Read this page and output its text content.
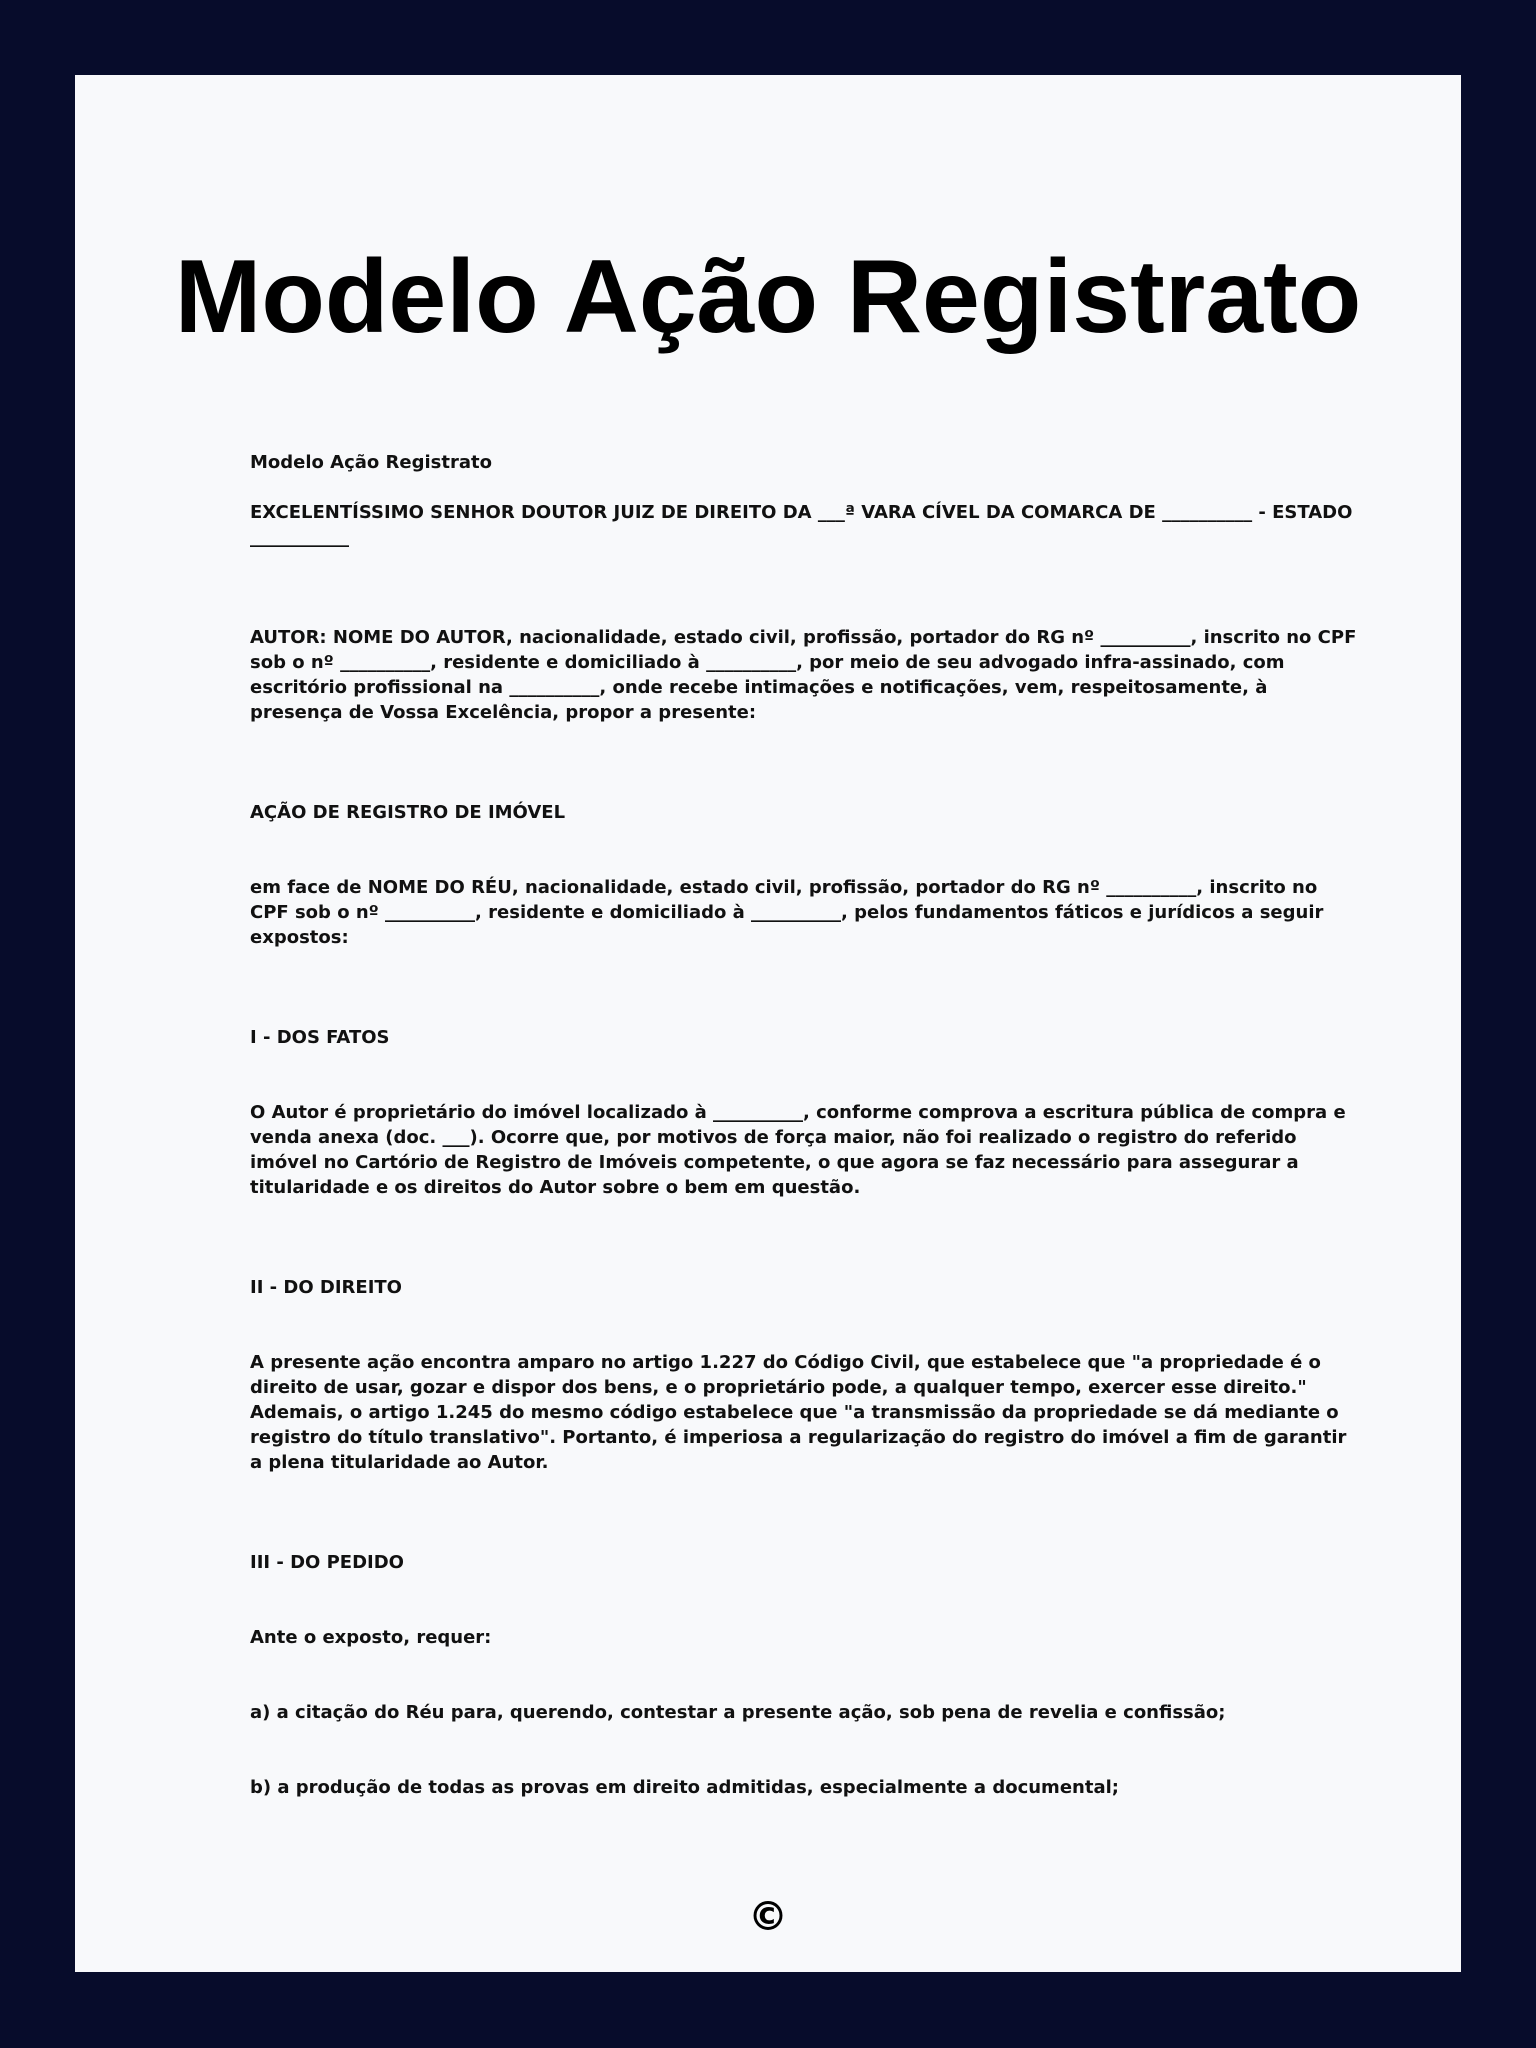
Modelo Ação Registrato

Modelo Ação Registrato

EXCELENTÍSSIMO SENHOR DOUTOR JUIZ DE DIREITO DA ___ª VARA CÍVEL DA COMARCA DE __________ - ESTADO ___________

AUTOR: NOME DO AUTOR, nacionalidade, estado civil, profissão, portador do RG nº __________, inscrito no CPF sob o nº __________, residente e domiciliado à __________, por meio de seu advogado infra-assinado, com escritório profissional na __________, onde recebe intimações e notificações, vem, respeitosamente, à presença de Vossa Excelência, propor a presente:

AÇÃO DE REGISTRO DE IMÓVEL

em face de NOME DO RÉU, nacionalidade, estado civil, profissão, portador do RG nº __________, inscrito no CPF sob o nº __________, residente e domiciliado à __________, pelos fundamentos fáticos e jurídicos a seguir expostos:

I - DOS FATOS

O Autor é proprietário do imóvel localizado à __________, conforme comprova a escritura pública de compra e venda anexa (doc. ___). Ocorre que, por motivos de força maior, não foi realizado o registro do referido imóvel no Cartório de Registro de Imóveis competente, o que agora se faz necessário para assegurar a titularidade e os direitos do Autor sobre o bem em questão.

II - DO DIREITO

A presente ação encontra amparo no artigo 1.227 do Código Civil, que estabelece que "a propriedade é o direito de usar, gozar e dispor dos bens, e o proprietário pode, a qualquer tempo, exercer esse direito." Ademais, o artigo 1.245 do mesmo código estabelece que "a transmissão da propriedade se dá mediante o registro do título translativo". Portanto, é imperiosa a regularização do registro do imóvel a fim de garantir a plena titularidade ao Autor.

III - DO PEDIDO

Ante o exposto, requer:

a) a citação do Réu para, querendo, contestar a presente ação, sob pena de revelia e confissão;

b) a produção de todas as provas em direito admitidas, especialmente a documental;

©
